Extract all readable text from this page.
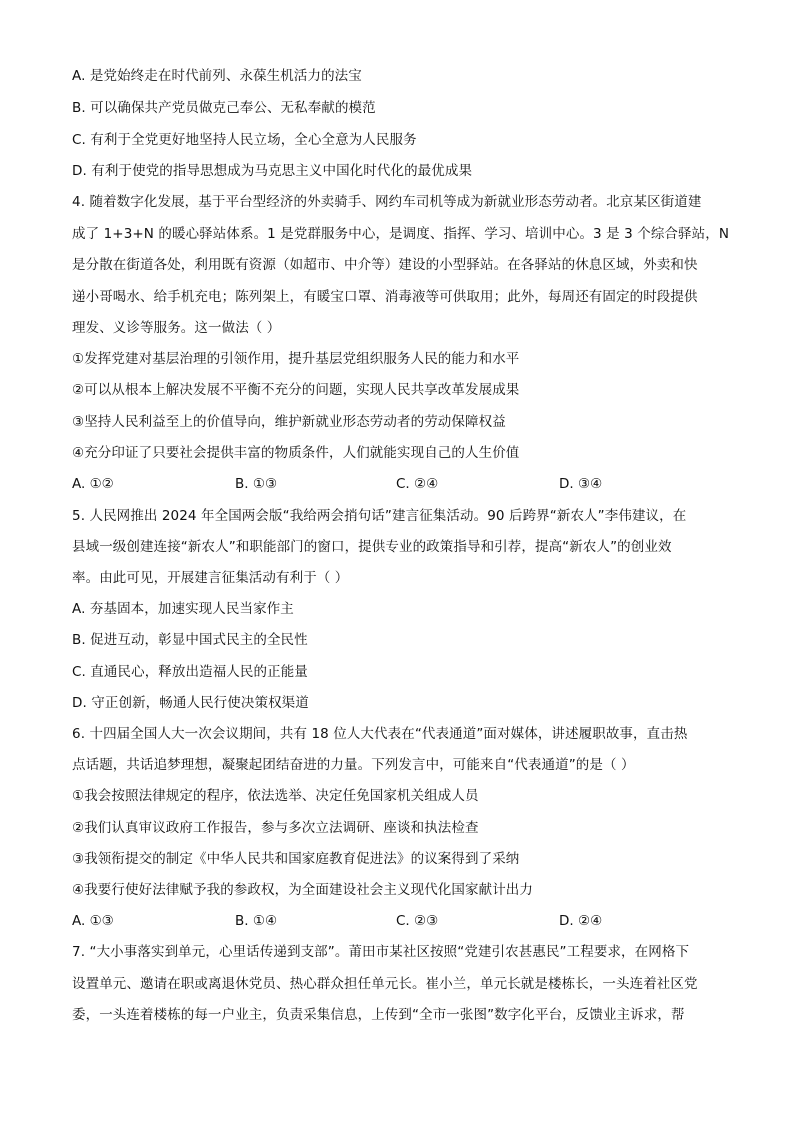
A. 是党始终走在时代前列、永葆生机活力的法宝
B. 可以确保共产党员做克己奉公、无私奉献的模范
C. 有利于全党更好地坚持人民立场，全心全意为人民服务
D. 有利于使党的指导思想成为马克思主义中国化时代化的最优成果
4. 随着数字化发展，基于平台型经济的外卖骑手、网约车司机等成为新就业形态劳动者。北京某区街道建
成了 1+3+N 的暖心驿站体系。1 是党群服务中心，是调度、指挥、学习、培训中心。3 是 3 个综合驿站，N
是分散在街道各处，利用既有资源（如超市、中介等）建设的小型驿站。在各驿站的休息区域，外卖和快
递小哥喝水、给手机充电；陈列架上，有暖宝口罩、消毒液等可供取用；此外，每周还有固定的时段提供
理发、义诊等服务。这一做法（ ）
①发挥党建对基层治理的引领作用，提升基层党组织服务人民的能力和水平
②可以从根本上解决发展不平衡不充分的问题，实现人民共享改革发展成果
③坚持人民利益至上的价值导向，维护新就业形态劳动者的劳动保障权益
④充分印证了只要社会提供丰富的物质条件，人们就能实现自己的人生价值
A. ①②	B. ①③	C. ②④	D. ③④
5. 人民网推出 2024 年全国两会版“我给两会捎句话”建言征集活动。90 后跨界“新农人”李伟建议，在
县域一级创建连接“新农人”和职能部门的窗口，提供专业的政策指导和引荐，提高“新农人”的创业效
率。由此可见，开展建言征集活动有利于（ ）
A. 夯基固本，加速实现人民当家作主
B. 促进互动，彰显中国式民主的全民性
C. 直通民心，释放出造福人民的正能量
D. 守正创新，畅通人民行使决策权渠道
6. 十四届全国人大一次会议期间，共有 18 位人大代表在“代表通道”面对媒体，讲述履职故事，直击热
点话题，共话追梦理想，凝聚起团结奋进的力量。下列发言中，可能来自“代表通道”的是（ ）
①我会按照法律规定的程序，依法选举、决定任免国家机关组成人员
②我们认真审议政府工作报告，参与多次立法调研、座谈和执法检查
③我领衔提交的制定《中华人民共和国家庭教育促进法》的议案得到了采纳
④我要行使好法律赋予我的参政权，为全面建设社会主义现代化国家献计出力
A. ①③	B. ①④	C. ②③	D. ②④
7. “大小事落实到单元，心里话传递到支部”。莆田市某社区按照“党建引农甚惠民”工程要求，在网格下
设置单元、邀请在职或离退休党员、热心群众担任单元长。崔小兰，单元长就是楼栋长，一头连着社区党
委，一头连着楼栋的每一户业主，负责采集信息，上传到“全市一张图”数字化平台，反馈业主诉求，帮
